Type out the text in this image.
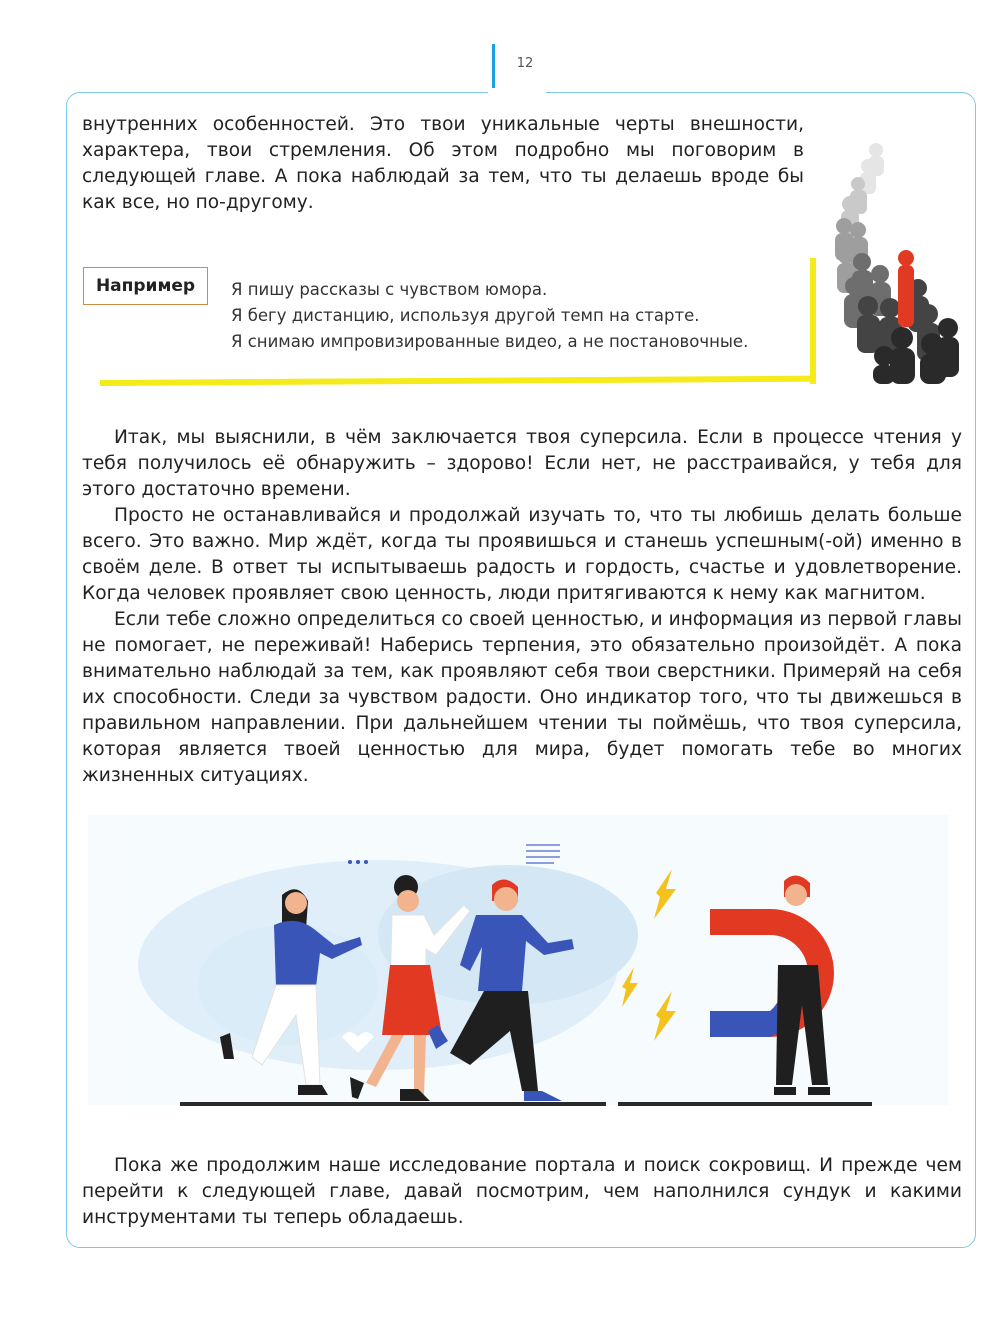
12

внутренних особенностей. Это твои уникальные черты внешности, характера, твои стремления. Об этом подробно мы поговорим в следующей главе. А пока наблюдай за тем, что ты делаешь вроде бы как все, но по-другому.

Например	Я пишу рассказы с чувством юмора.
Я бегу дистанцию, используя другой темп на старте.
Я снимаю импровизированные видео, а не постановочные.

Итак, мы выяснили, в чём заключается твоя суперсила. Если в процессе чтения у тебя получилось её обнаружить – здорово! Если нет, не расстраивайся, у тебя для этого достаточно времени.

Просто не останавливайся и продолжай изучать то, что ты любишь делать больше всего. Это важно. Мир ждёт, когда ты проявишься и станешь успешным(-ой) именно в своём деле. В ответ ты испытываешь радость и гордость, счастье и удовлетворение. Когда человек проявляет свою ценность, люди притягиваются к нему как магнитом.

Если тебе сложно определиться со своей ценностью, и информация из первой главы не помогает, не переживай! Наберись терпения, это обязательно произойдёт. А пока внимательно наблюдай за тем, как проявляют себя твои сверстники. Примеряй на себя их способности. Следи за чувством радости. Оно индикатор того, что ты движешься в правильном направлении. При дальнейшем чтении ты поймёшь, что твоя суперсила, которая является твоей ценностью для мира, будет помогать тебе во многих жизненных ситуациях.

Пока же продолжим наше исследование портала и поиск сокровищ. И прежде чем перейти к следующей главе, давай посмотрим, чем наполнился сундук и какими инструментами ты теперь обладаешь.
